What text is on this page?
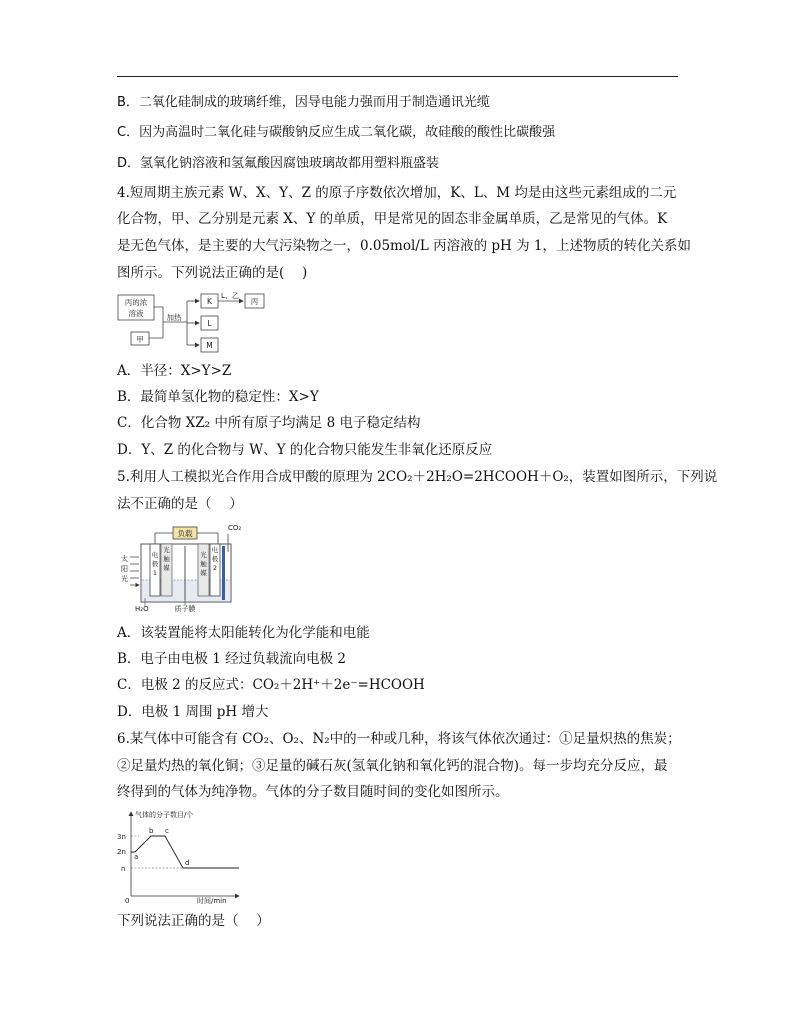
B．二氧化硅制成的玻璃纤维，因导电能力强而用于制造通讯光缆
C．因为高温时二氧化硅与碳酸钠反应生成二氧化碳，故硅酸的酸性比碳酸强
D．氢氧化钠溶液和氢氟酸因腐蚀玻璃故都用塑料瓶盛装
4.短周期主族元素 W、X、Y、Z 的原子序数依次增加，K、L、M 均是由这些元素组成的二元
化合物，甲、乙分别是元素 X、Y 的单质，甲是常见的固态非金属单质，乙是常见的气体。K
是无色气体，是主要的大气污染物之一，0.05mol/L 丙溶液的 pH 为 1，上述物质的转化关系如
图所示。下列说法正确的是(　 )
丙的浓
溶液
甲
加热
K
L
M
L、乙
丙
A．半径：X>Y>Z
B．最简单氢化物的稳定性：X>Y
C．化合物 XZ₂ 中所有原子均满足 8 电子稳定结构
D．Y、Z 的化合物与 W、Y 的化合物只能发生非氧化还原反应
5.利用人工模拟光合作用合成甲酸的原理为 2CO₂＋2H₂O=2HCOOH＋O₂，装置如图所示，下列说
法不正确的是（　 ）
负载
CO₂
电
极
1
光
触
媒
光
触
媒
电
极
2
太
阳
光
H₂O	质子膜
A．该装置能将太阳能转化为化学能和电能
B．电子由电极 1 经过负载流向电极 2
C．电极 2 的反应式：CO₂＋2H⁺＋2e⁻=HCOOH
D．电极 1 周围 pH 增大
6.某气体中可能含有 CO₂、O₂、N₂中的一种或几种，将该气体依次通过：①足量炽热的焦炭；
②足量灼热的氧化铜；③足量的碱石灰(氢氧化钠和氧化钙的混合物)。每一步均充分反应，最
终得到的气体为纯净物。气体的分子数目随时间的变化如图所示。
气体的分子数目/个
时间/min
0
3n
2n
n
a
b c
d
下列说法正确的是（　 ）
